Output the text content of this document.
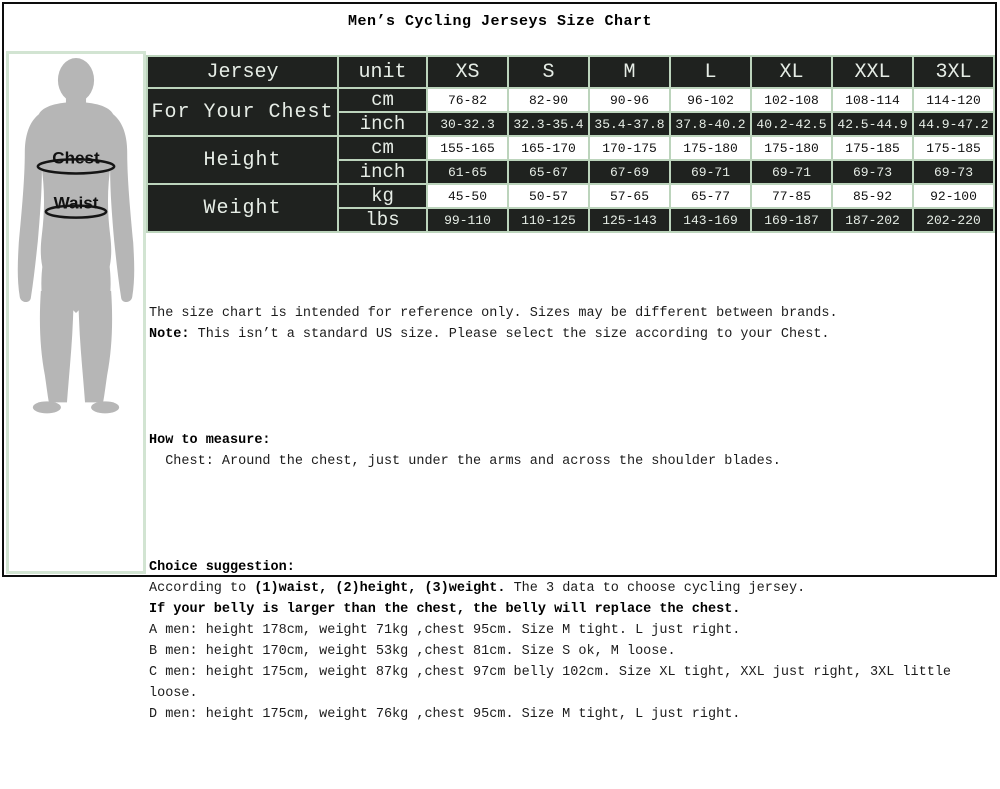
Men’s Cycling Jerseys Size Chart
Chest
Waist
Jersey	unit	XS	S	M	L	XL	XXL	3XL
For Your Chest	cm	76-82	82-90	90-96	96-102	102-108	108-114	114-120
	inch	30-32.3	32.3-35.4	35.4-37.8	37.8-40.2	40.2-42.5	42.5-44.9	44.9-47.2
Height	cm	155-165	165-170	170-175	175-180	175-180	175-185	175-185
	inch	61-65	65-67	67-69	69-71	69-71	69-73	69-73
Weight	kg	45-50	50-57	57-65	65-77	77-85	85-92	92-100
	lbs	99-110	110-125	125-143	143-169	169-187	187-202	202-220

The size chart is intended for reference only. Sizes may be different between brands.
Note: This isn’t a standard US size. Please select the size according to your Chest.

How to measure:
Chest: Around the chest, just under the arms and across the shoulder blades.

Choice suggestion:
According to (1)waist, (2)height, (3)weight. The 3 data to choose cycling jersey.
If your belly is larger than the chest, the belly will replace the chest.
A men: height 178cm, weight 71kg ,chest 95cm. Size M tight. L just right.
B men: height 170cm, weight 53kg ,chest 81cm. Size S ok, M loose.
C men: height 175cm, weight 87kg ,chest 97cm belly 102cm. Size XL tight, XXL just right, 3XL little loose.
D men: height 175cm, weight 76kg ,chest 95cm. Size M tight, L just right.
